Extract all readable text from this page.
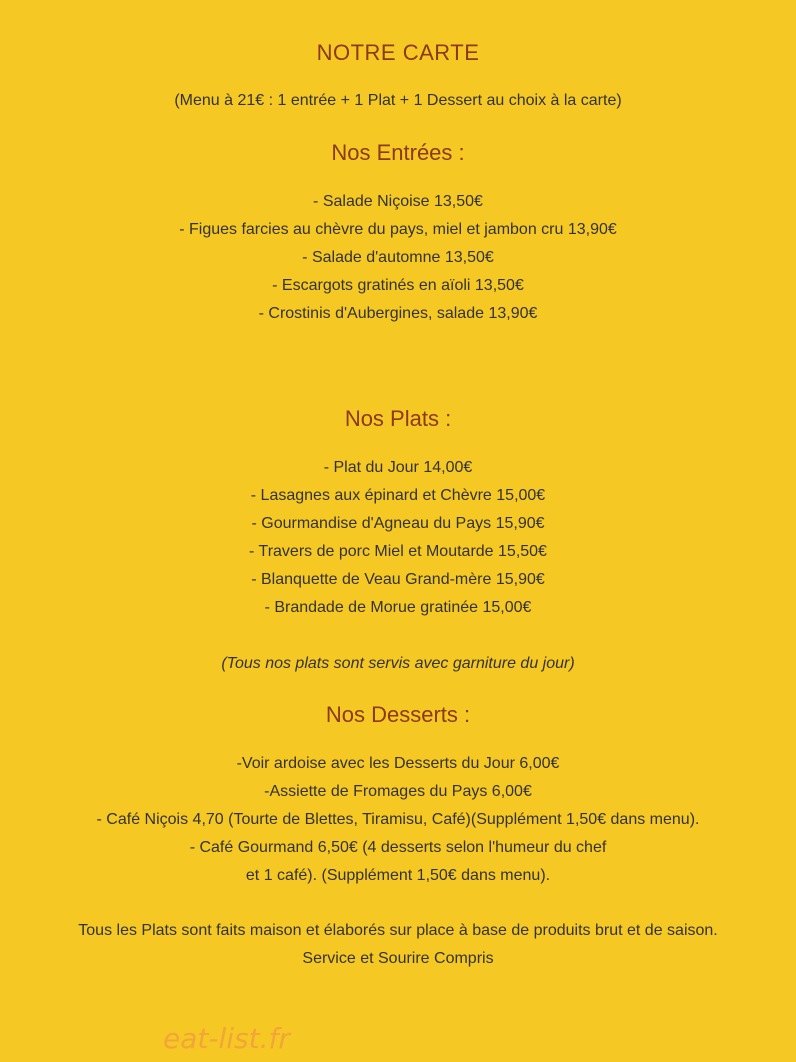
NOTRE CARTE
(Menu à 21€ : 1 entrée + 1 Plat + 1 Dessert au choix à la carte)
Nos Entrées :
- Salade Niçoise 13,50€
- Figues farcies au chèvre du pays, miel et jambon cru 13,90€
- Salade d'automne 13,50€
- Escargots gratinés en aïoli 13,50€
- Crostinis d'Aubergines, salade 13,90€
Nos Plats :
- Plat du Jour 14,00€
- Lasagnes aux épinard et Chèvre 15,00€
- Gourmandise d'Agneau du Pays 15,90€
- Travers de porc Miel et Moutarde 15,50€
- Blanquette de Veau Grand-mère 15,90€
- Brandade de Morue gratinée 15,00€
(Tous nos plats sont servis avec garniture du jour)
Nos Desserts :
-Voir ardoise avec les Desserts du Jour 6,00€
-Assiette de Fromages du Pays 6,00€
- Café Niçois 4,70 (Tourte de Blettes, Tiramisu, Café)(Supplément 1,50€ dans menu).
- Café Gourmand 6,50€ (4 desserts selon l'humeur du chef
et 1 café). (Supplément 1,50€ dans menu).
Tous les Plats sont faits maison et élaborés sur place à base de produits brut et de saison.
Service et Sourire Compris
eat-list.fr
